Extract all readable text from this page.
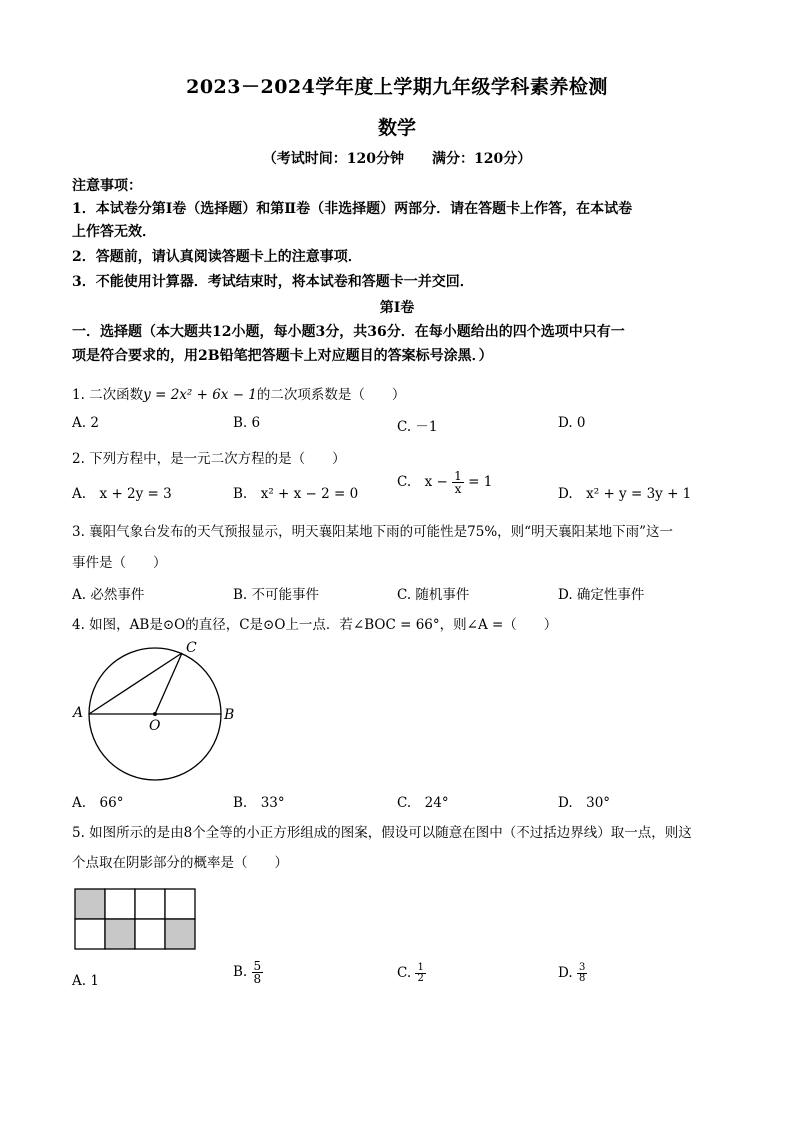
2023－2024学年度上学期九年级学科素养检测
数学
（考试时间：120分钟　　满分：120分）
注意事项：
1．本试卷分第Ⅰ卷（选择题）和第Ⅱ卷（非选择题）两部分．请在答题卡上作答，在本试卷
上作答无效．
2．答题前，请认真阅读答题卡上的注意事项．
3．不能使用计算器．考试结束时，将本试卷和答题卡一并交回．
第Ⅰ卷
一．选择题（本大题共12小题，每小题3分，共36分．在每小题给出的四个选项中只有一
项是符合要求的，用2B铅笔把答题卡上对应题目的答案标号涂黑．）
1. 二次函数y = 2x² + 6x − 1的二次项系数是（　　）
A. 2	B. 6	C. －1	D. 0
2. 下列方程中，是一元二次方程的是（　　）
A.　x + 2y = 3	B.　x² + x − 2 = 0
C.　$x - \frac{1}{x} = 1$
D.　x² + y = 3y + 1
3. 襄阳气象台发布的天气预报显示，明天襄阳某地下雨的可能性是75%，则“明天襄阳某地下雨”这一
事件是（　　）
A. 必然事件	B. 不可能事件	C. 随机事件	D. 确定性事件
4. 如图，AB是⊙O的直径，C是⊙O上一点．若∠BOC = 66°，则∠A =（　　）
A	B
C
O
A.　66°	B.　33°	C.　24°	D.　30°
5. 如图所示的是由8个全等的小正方形组成的图案，假设可以随意在图中（不过括边界线）取一点，则这
个点取在阴影部分的概率是（　　）
A. 1
B. $\frac{5}{8}$	C. $\frac{1}{2}$	D. $\frac{3}{8}$
